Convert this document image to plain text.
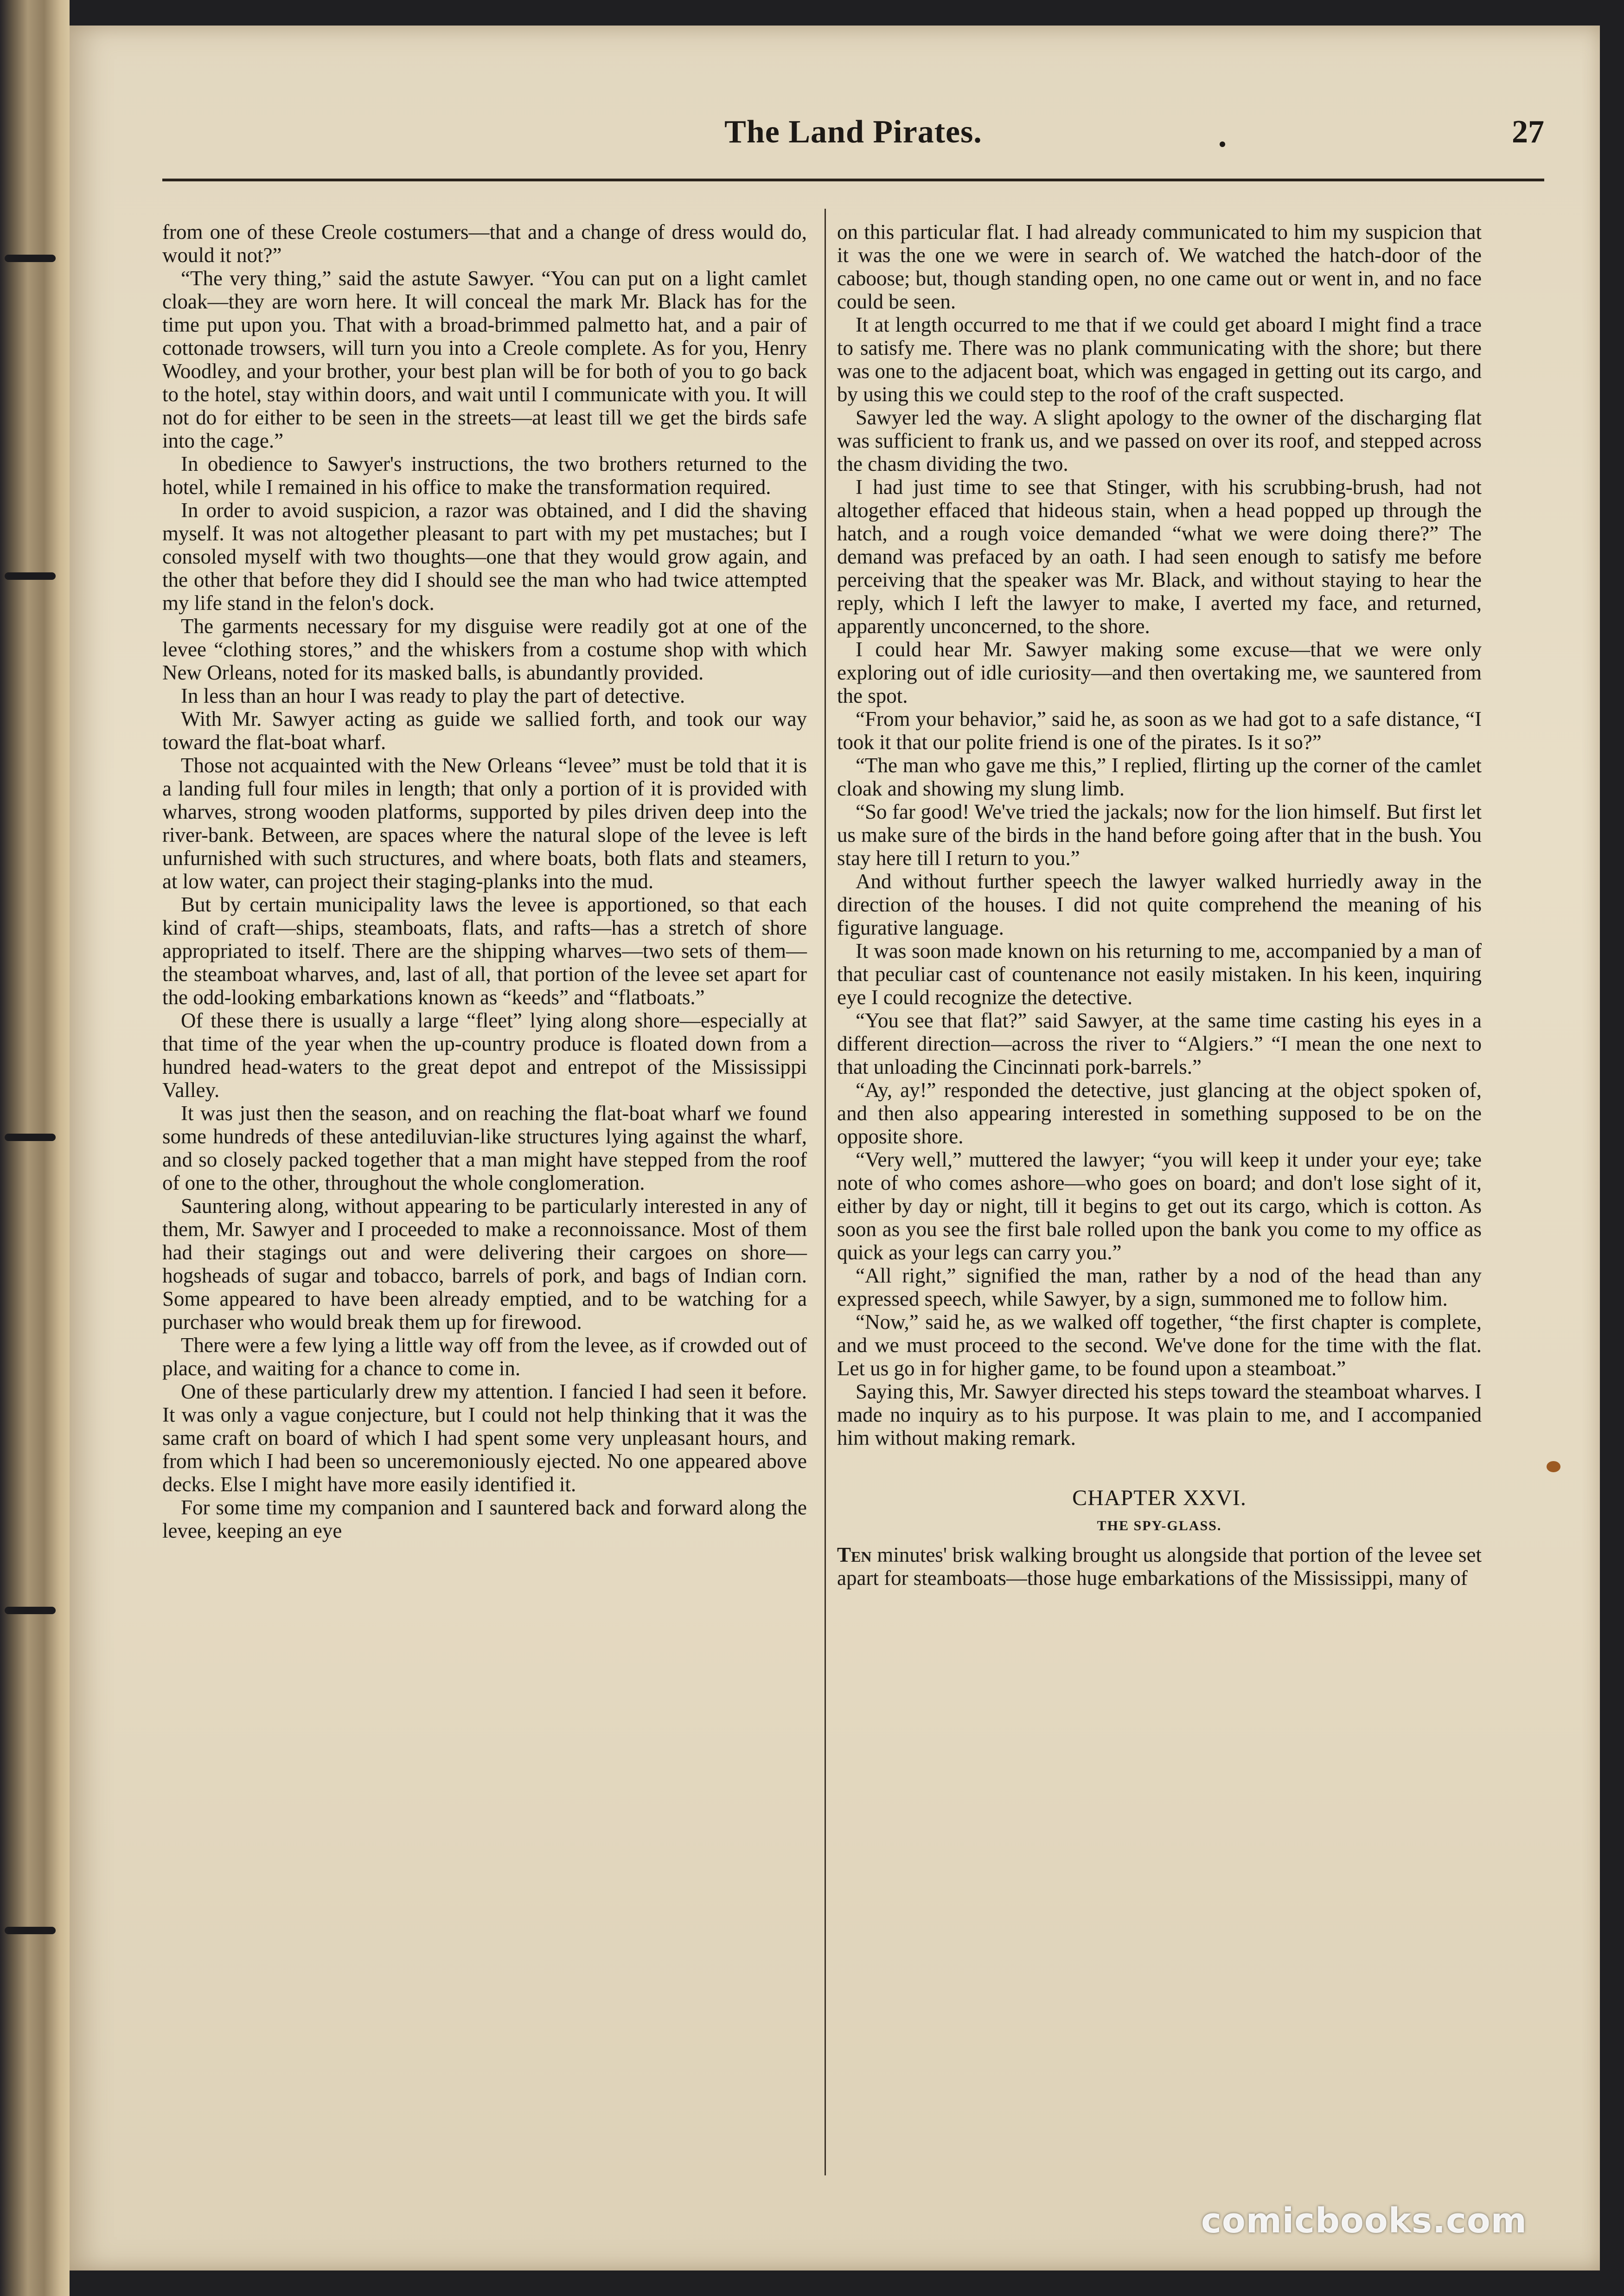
The Land Pirates.	27

from one of these Creole costumers—that and a change of dress would do, would it not?”

“The very thing,” said the astute Sawyer. “You can put on a light camlet cloak—they are worn here. It will conceal the mark Mr. Black has for the time put upon you. That with a broad-brimmed palmetto hat, and a pair of cottonade trowsers, will turn you into a Creole complete. As for you, Henry Woodley, and your brother, your best plan will be for both of you to go back to the hotel, stay within doors, and wait until I communicate with you. It will not do for either to be seen in the streets—at least till we get the birds safe into the cage.”

In obedience to Sawyer's instructions, the two brothers returned to the hotel, while I remained in his office to make the transformation required.

In order to avoid suspicion, a razor was obtained, and I did the shaving myself. It was not altogether pleasant to part with my pet mustaches; but I consoled myself with two thoughts—one that they would grow again, and the other that before they did I should see the man who had twice attempted my life stand in the felon's dock.

The garments necessary for my disguise were readily got at one of the levee “clothing stores,” and the whiskers from a costume shop with which New Orleans, noted for its masked balls, is abundantly provided.

In less than an hour I was ready to play the part of detective.

With Mr. Sawyer acting as guide we sallied forth, and took our way toward the flat-boat wharf.

Those not acquainted with the New Orleans “levee” must be told that it is a landing full four miles in length; that only a portion of it is provided with wharves, strong wooden platforms, supported by piles driven deep into the river-bank. Between, are spaces where the natural slope of the levee is left unfurnished with such structures, and where boats, both flats and steamers, at low water, can project their staging-planks into the mud.

But by certain municipality laws the levee is apportioned, so that each kind of craft—ships, steamboats, flats, and rafts—has a stretch of shore appropriated to itself. There are the shipping wharves—two sets of them—the steamboat wharves, and, last of all, that portion of the levee set apart for the odd-looking embarkations known as “keeds” and “flatboats.”

Of these there is usually a large “fleet” lying along shore—especially at that time of the year when the up-country produce is floated down from a hundred head-waters to the great depot and entrepot of the Mississippi Valley.

It was just then the season, and on reaching the flat-boat wharf we found some hundreds of these antediluvian-like structures lying against the wharf, and so closely packed together that a man might have stepped from the roof of one to the other, throughout the whole conglomeration.

Sauntering along, without appearing to be particularly interested in any of them, Mr. Sawyer and I proceeded to make a reconnoissance. Most of them had their stagings out and were delivering their cargoes on shore—hogsheads of sugar and tobacco, barrels of pork, and bags of Indian corn. Some appeared to have been already emptied, and to be watching for a purchaser who would break them up for firewood.

There were a few lying a little way off from the levee, as if crowded out of place, and waiting for a chance to come in.

One of these particularly drew my attention. I fancied I had seen it before. It was only a vague conjecture, but I could not help thinking that it was the same craft on board of which I had spent some very unpleasant hours, and from which I had been so unceremoniously ejected. No one appeared above decks. Else I might have more easily identified it.

For some time my companion and I sauntered back and forward along the levee, keeping an eye

on this particular flat. I had already communicated to him my suspicion that it was the one we were in search of. We watched the hatch-door of the caboose; but, though standing open, no one came out or went in, and no face could be seen.

It at length occurred to me that if we could get aboard I might find a trace to satisfy me. There was no plank communicating with the shore; but there was one to the adjacent boat, which was engaged in getting out its cargo, and by using this we could step to the roof of the craft suspected.

Sawyer led the way. A slight apology to the owner of the discharging flat was sufficient to frank us, and we passed on over its roof, and stepped across the chasm dividing the two.

I had just time to see that Stinger, with his scrubbing-brush, had not altogether effaced that hideous stain, when a head popped up through the hatch, and a rough voice demanded “what we were doing there?” The demand was prefaced by an oath. I had seen enough to satisfy me before perceiving that the speaker was Mr. Black, and without staying to hear the reply, which I left the lawyer to make, I averted my face, and returned, apparently unconcerned, to the shore.

I could hear Mr. Sawyer making some excuse—that we were only exploring out of idle curiosity—and then overtaking me, we sauntered from the spot.

“From your behavior,” said he, as soon as we had got to a safe distance, “I took it that our polite friend is one of the pirates. Is it so?”

“The man who gave me this,” I replied, flirting up the corner of the camlet cloak and showing my slung limb.

“So far good! We've tried the jackals; now for the lion himself. But first let us make sure of the birds in the hand before going after that in the bush. You stay here till I return to you.”

And without further speech the lawyer walked hurriedly away in the direction of the houses. I did not quite comprehend the meaning of his figurative language.

It was soon made known on his returning to me, accompanied by a man of that peculiar cast of countenance not easily mistaken. In his keen, inquiring eye I could recognize the detective.

“You see that flat?” said Sawyer, at the same time casting his eyes in a different direction—across the river to “Algiers.” “I mean the one next to that unloading the Cincinnati pork-barrels.”

“Ay, ay!” responded the detective, just glancing at the object spoken of, and then also appearing interested in something supposed to be on the opposite shore.

“Very well,” muttered the lawyer; “you will keep it under your eye; take note of who comes ashore—who goes on board; and don't lose sight of it, either by day or night, till it begins to get out its cargo, which is cotton. As soon as you see the first bale rolled upon the bank you come to my office as quick as your legs can carry you.”

“All right,” signified the man, rather by a nod of the head than any expressed speech, while Sawyer, by a sign, summoned me to follow him.

“Now,” said he, as we walked off together, “the first chapter is complete, and we must proceed to the second. We've done for the time with the flat. Let us go in for higher game, to be found upon a steamboat.”

Saying this, Mr. Sawyer directed his steps toward the steamboat wharves. I made no inquiry as to his purpose. It was plain to me, and I accompanied him without making remark.

CHAPTER XXVI.
THE SPY-GLASS.

Ten minutes' brisk walking brought us alongside that portion of the levee set apart for steamboats—those huge embarkations of the Mississippi, many of

comicbooks.com
